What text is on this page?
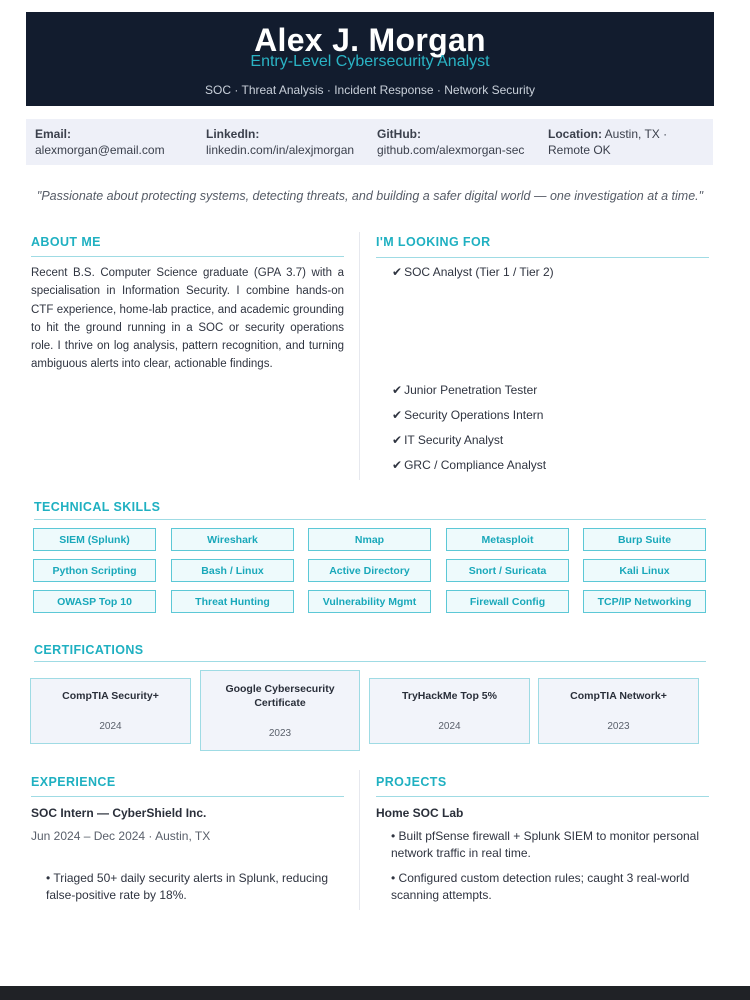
Alex J. Morgan
Entry-Level Cybersecurity Analyst
SOC · Threat Analysis · Incident Response · Network Security
Email:
alexmorgan@email.com
LinkedIn:
linkedin.com/in/alexjmorgan
GitHub:
github.com/alexmorgan-sec
Location: Austin, TX · Remote OK
"Passionate about protecting systems, detecting threats, and building a safer digital world — one investigation at a time."
ABOUT ME
Recent B.S. Computer Science graduate (GPA 3.7) with a specialisation in Information Security. I combine hands-on CTF experience, home-lab practice, and academic grounding to hit the ground running in a SOC or security operations role. I thrive on log analysis, pattern recognition, and turning ambiguous alerts into clear, actionable findings.
I'M LOOKING FOR
✔ SOC Analyst (Tier 1 / Tier 2)
✔ Junior Penetration Tester
✔ Security Operations Intern
✔ IT Security Analyst
✔ GRC / Compliance Analyst
TECHNICAL SKILLS
SIEM (Splunk)	Wireshark	Nmap	Metasploit	Burp Suite
Python Scripting	Bash / Linux	Active Directory	Snort / Suricata	Kali Linux
OWASP Top 10	Threat Hunting	Vulnerability Mgmt	Firewall Config	TCP/IP Networking
CERTIFICATIONS
CompTIA Security+
2024
Google Cybersecurity Certificate
2023
TryHackMe Top 5%
2024
CompTIA Network+
2023
EXPERIENCE
SOC Intern — CyberShield Inc.
Jun 2024 – Dec 2024 · Austin, TX
• Triaged 50+ daily security alerts in Splunk, reducing false-positive rate by 18%.
PROJECTS
Home SOC Lab
• Built pfSense firewall + Splunk SIEM to monitor personal network traffic in real time.
• Configured custom detection rules; caught 3 real-world scanning attempts.
